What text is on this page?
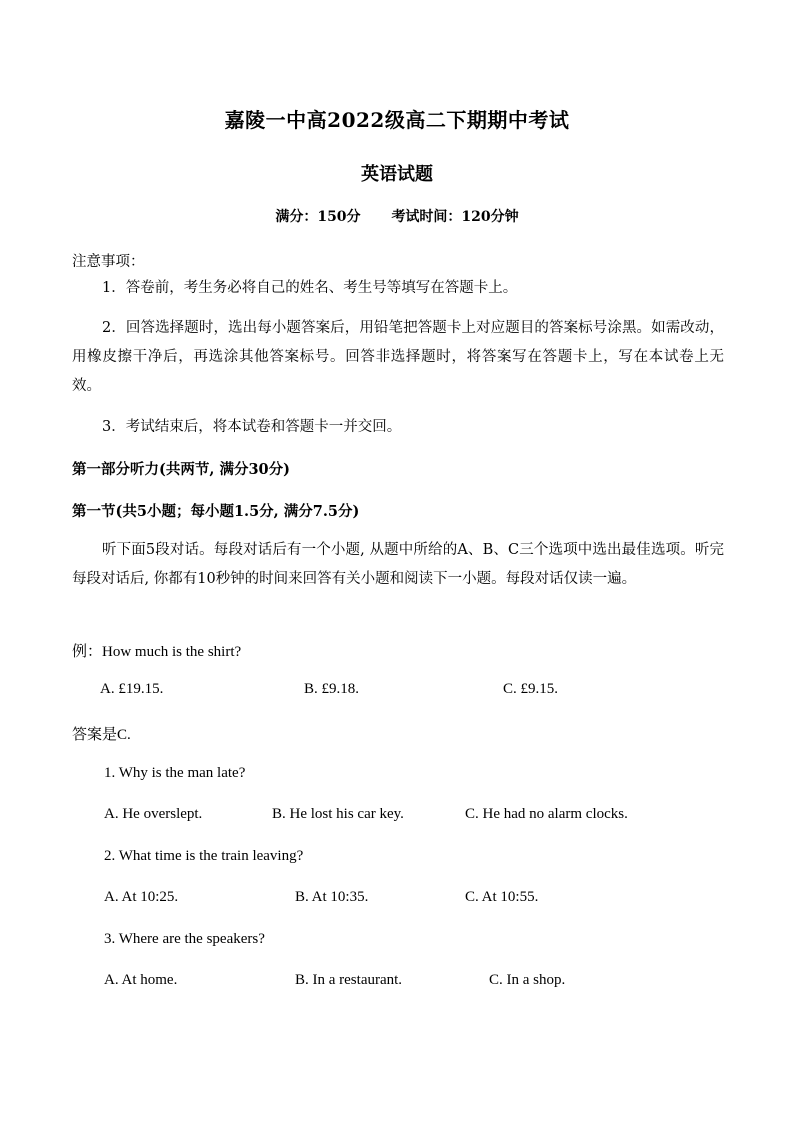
嘉陵一中高2022级高二下期期中考试
英语试题
满分：150分 考试时间：120分钟
注意事项：
1．答卷前，考生务必将自己的姓名、考生号等填写在答题卡上。
2．回答选择题时，选出每小题答案后，用铅笔把答题卡上对应题目的答案标号涂黑。如需改动，用橡皮擦干净后，再选涂其他答案标号。回答非选择题时，将答案写在答题卡上，写在本试卷上无效。
3．考试结束后，将本试卷和答题卡一并交回。
第一部分听力(共两节, 满分30分)
第一节(共5小题；每小题1.5分, 满分7.5分)
听下面5段对话。每段对话后有一个小题, 从题中所给的A、B、C三个选项中选出最佳选项。听完每段对话后, 你都有10秒钟的时间来回答有关小题和阅读下一小题。每段对话仅读一遍。
例：How much is the shirt?
A. £19.15.	B. £9.18.	C. £9.15.
答案是C.
1. Why is the man late?
A. He overslept.	B. He lost his car key.	C. He had no alarm clocks.
2. What time is the train leaving?
A. At 10:25.	B. At 10:35.	C. At 10:55.
3. Where are the speakers?
A. At home.	B. In a restaurant.	C. In a shop.
